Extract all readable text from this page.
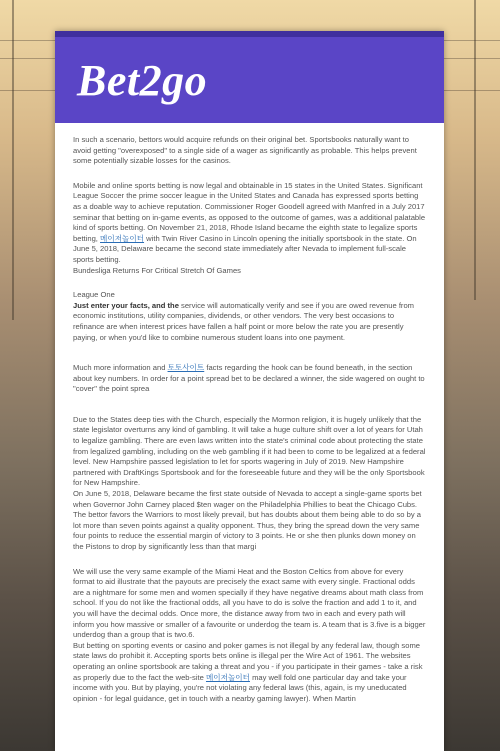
Bet2go

In such a scenario, bettors would acquire refunds on their original bet. Sportsbooks naturally want to avoid getting "overexposed" to a single side of a wager as significantly as probable. This helps prevent some potentially sizable losses for the casinos.

Mobile and online sports betting is now legal and obtainable in 15 states in the United States. Significant League Soccer the prime soccer league in the United States and Canada has expressed sports betting as a doable way to achieve reputation. Commissioner Roger Goodell agreed with Manfred in a July 2017 seminar that betting on in-game events, as opposed to the outcome of games, was a additional palatable kind of sports betting. On November 21, 2018, Rhode Island became the eighth state to legalize sports betting, 메이저놀이터 with Twin River Casino in Lincoln opening the initially sportsbook in the state. On June 5, 2018, Delaware became the second state immediately after Nevada to implement full-scale sports betting.
Bundesliga Returns For Critical Stretch Of Games

League One
Just enter your facts, and the service will automatically verify and see if you are owed revenue from economic institutions, utility companies, dividends, or other vendors. The very best occasions to refinance are when interest prices have fallen a half point or more below the rate you are presently paying, or when you'd like to combine numerous student loans into one payment.

Much more information and 토토사이트 facts regarding the hook can be found beneath, in the section about key numbers. In order for a point spread bet to be declared a winner, the side wagered on ought to "cover" the point sprea

Due to the States deep ties with the Church, especially the Mormon religion, it is hugely unlikely that the state legislator overturns any kind of gambling. It will take a huge culture shift over a lot of years for Utah to legalize gambling. There are even laws written into the state's criminal code about protecting the state from legalized gambling, including on the web gambling if it had been to come to be legalized at a federal level. New Hampshire passed legislation to let for sports wagering in July of 2019. New Hampshire partnered with DraftKings Sportsbook and for the foreseeable future and they will be the only Sportsbook for New Hampshire.
On June 5, 2018, Delaware became the first state outside of Nevada to accept a single-game sports bet when Governor John Carney placed $ten wager on the Philadelphia Phillies to beat the Chicago Cubs. The bettor favors the Warriors to most likely prevail, but has doubts about them being able to do so by a lot more than seven points against a quality opponent. Thus, they bring the spread down the very same four points to reduce the essential margin of victory to 3 points. He or she then plunks down money on the Pistons to drop by significantly less than that margi

We will use the very same example of the Miami Heat and the Boston Celtics from above for every format to aid illustrate that the payouts are precisely the exact same with every single. Fractional odds are a nightmare for some men and women specially if they have negative dreams about math class from school. If you do not like the fractional odds, all you have to do is solve the fraction and add 1 to it, and you will have the decimal odds. Once more, the distance away from two in each and every path will inform you how massive or smaller of a favourite or underdog the team is. A team that is 3.five is a bigger underdog than a group that is two.6.
But betting on sporting events or casino and poker games is not illegal by any federal law, though some state laws do prohibit it. Accepting sports bets online is illegal per the Wire Act of 1961. The websites operating an online sportsbook are taking a threat and you - if you participate in their games - take a risk as properly due to the fact the web-site 메이저놀이터 may well fold one particular day and take your income with you. But by playing, you're not violating any federal laws (this, again, is my uneducated opinion - for legal guidance, get in touch with a nearby gaming lawyer). When Martin
